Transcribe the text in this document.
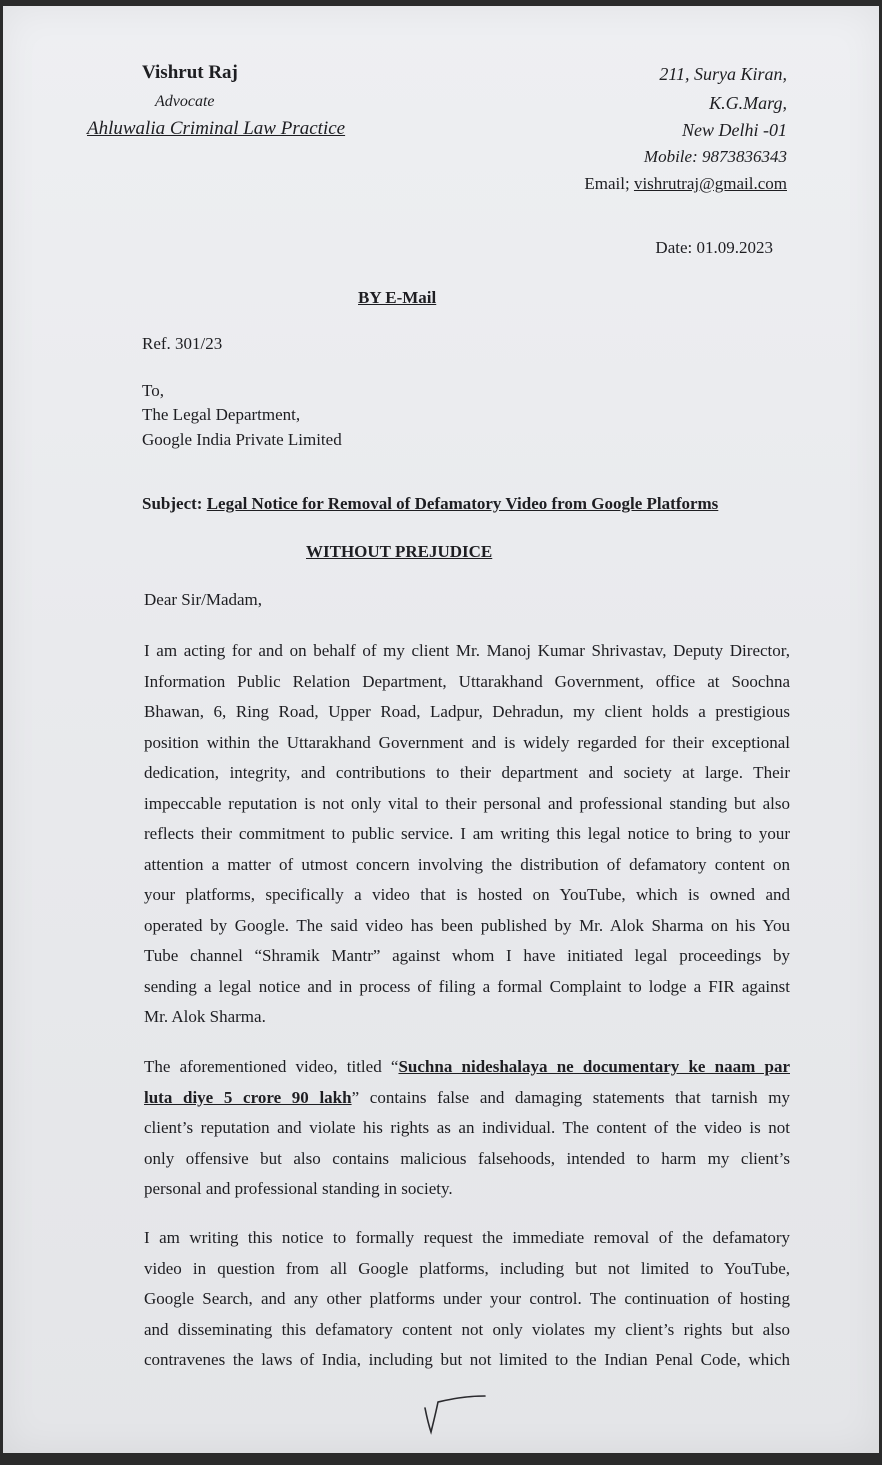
Vishrut Raj
Advocate
Ahluwalia Criminal Law Practice
211, Surya Kiran,
K.G.Marg,
New Delhi -01
Mobile: 9873836343
Email; vishrutraj@gmail.com
Date: 01.09.2023
BY E-Mail
Ref. 301/23
To,
The Legal Department,
Google India Private Limited
Subject: Legal Notice for Removal of Defamatory Video from Google Platforms
WITHOUT PREJUDICE
Dear Sir/Madam,
I am acting for and on behalf of my client Mr. Manoj Kumar Shrivastav, Deputy Director,
Information Public Relation Department, Uttarakhand Government, office at Soochna
Bhawan, 6, Ring Road, Upper Road, Ladpur, Dehradun, my client holds a prestigious
position within the Uttarakhand Government and is widely regarded for their exceptional
dedication, integrity, and contributions to their department and society at large. Their
impeccable reputation is not only vital to their personal and professional standing but also
reflects their commitment to public service. I am writing this legal notice to bring to your
attention a matter of utmost concern involving the distribution of defamatory content on
your platforms, specifically a video that is hosted on YouTube, which is owned and
operated by Google. The said video has been published by Mr. Alok Sharma on his You
Tube channel “Shramik Mantr” against whom I have initiated legal proceedings by
sending a legal notice and in process of filing a formal Complaint to lodge a FIR against
Mr. Alok Sharma.
The aforementioned video, titled “Suchna nideshalaya ne documentary ke naam par
luta diye 5 crore 90 lakh” contains false and damaging statements that tarnish my
client’s reputation and violate his rights as an individual. The content of the video is not
only offensive but also contains malicious falsehoods, intended to harm my client’s
personal and professional standing in society.
I am writing this notice to formally request the immediate removal of the defamatory
video in question from all Google platforms, including but not limited to YouTube,
Google Search, and any other platforms under your control. The continuation of hosting
and disseminating this defamatory content not only violates my client’s rights but also
contravenes the laws of India, including but not limited to the Indian Penal Code, which
